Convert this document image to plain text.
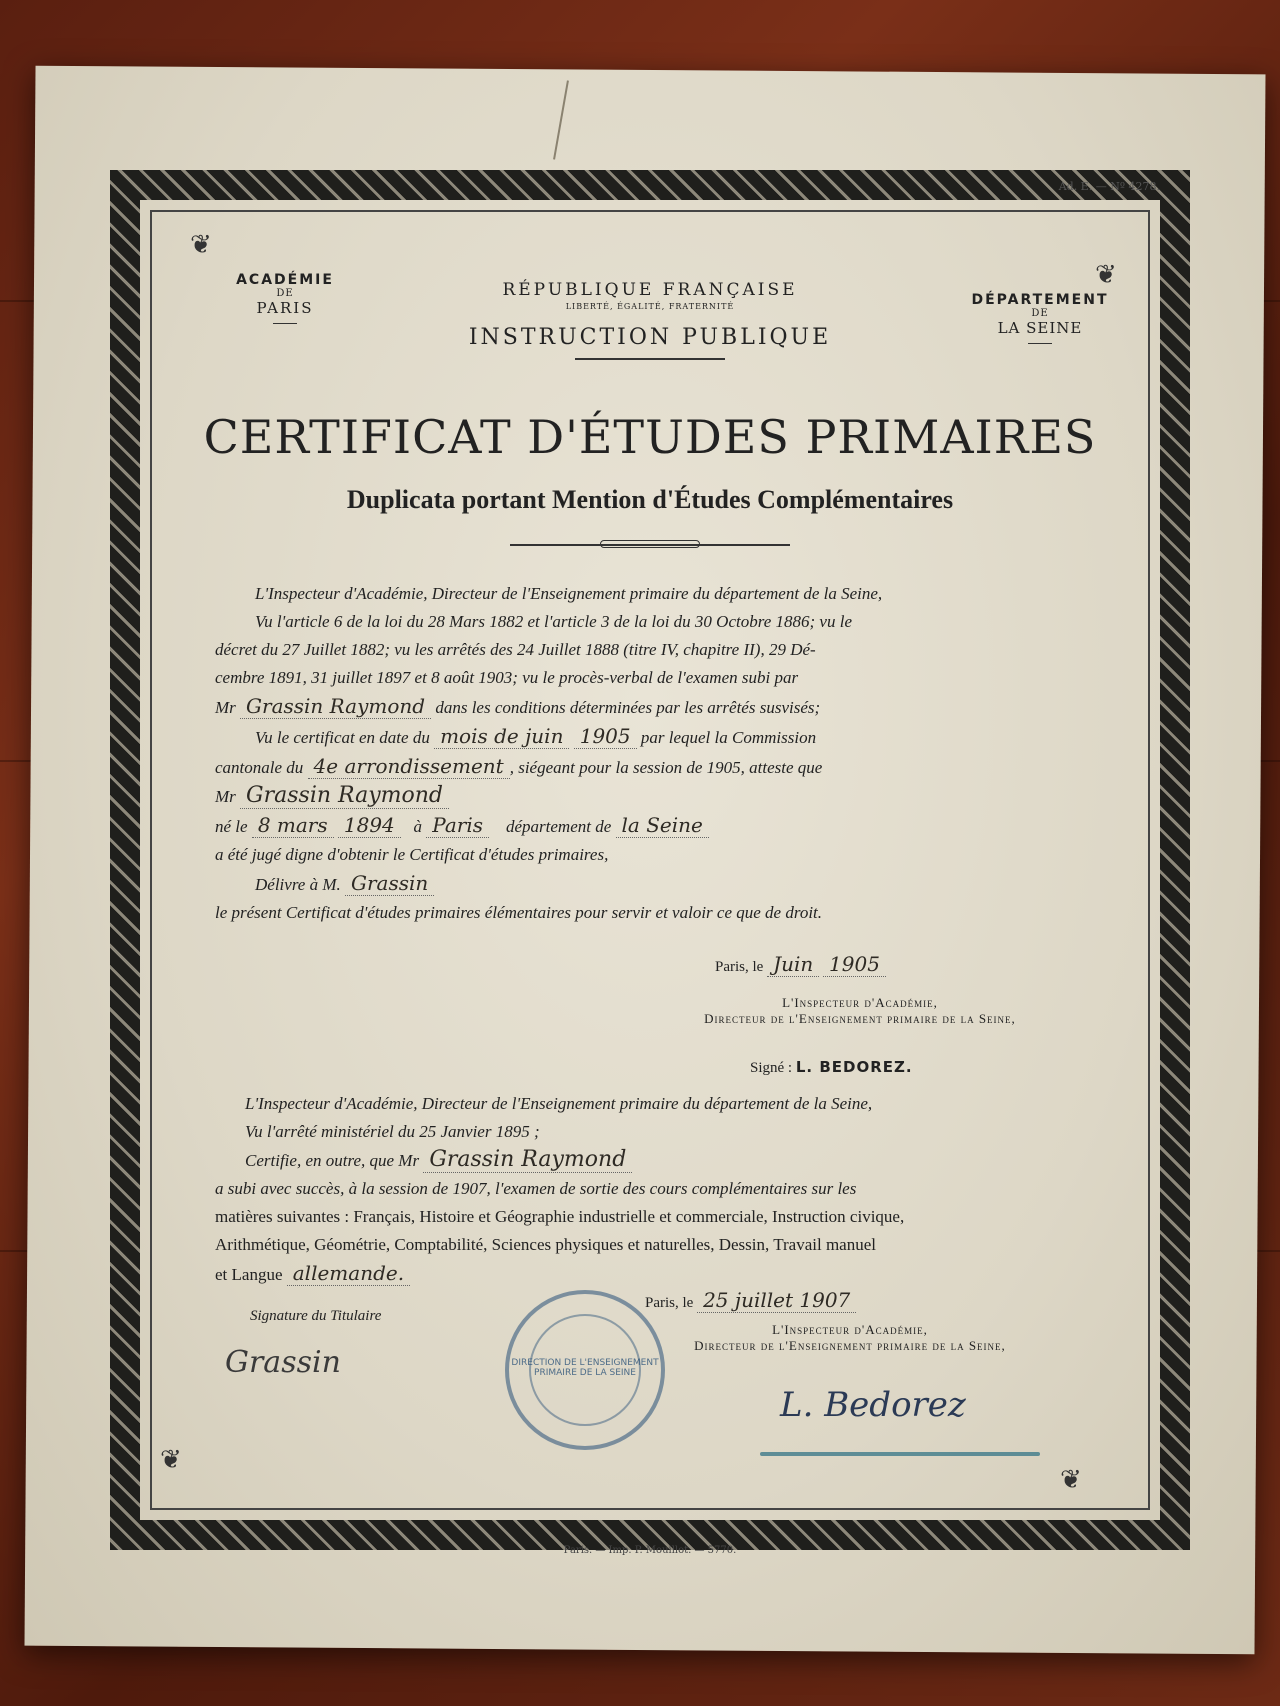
❦
❦
❦
❦
Ad. E. — Nº 4278.
ACADÉMIE
DE
PARIS
RÉPUBLIQUE FRANÇAISE
LIBERTÉ, ÉGALITÉ, FRATERNITÉ
INSTRUCTION PUBLIQUE
DÉPARTEMENT
DE
LA SEINE
CERTIFICAT D'ÉTUDES PRIMAIRES
Duplicata portant Mention d'Études Complémentaires
L'Inspecteur d'Académie, Directeur de l'Enseignement primaire du département de la Seine,
Vu l'article 6 de la loi du 28 Mars 1882 et l'article 3 de la loi du 30 Octobre 1886; vu le
décret du 27 Juillet 1882; vu les arrêtés des 24 Juillet 1888 (titre IV, chapitre II), 29 Dé-
cembre 1891, 31 juillet 1897 et 8 août 1903; vu le procès-verbal de l'examen subi par
Mr Grassin Raymond dans les conditions déterminées par les arrêtés susvisés;
Vu le certificat en date du mois de juin 1905 par lequel la Commission
cantonale du 4e arrondissement , siégeant pour la session de 1905, atteste que
Mr Grassin Raymond
né le 8 mars 1894 à Paris département de la Seine
a été jugé digne d'obtenir le Certificat d'études primaires,
Délivre à M. Grassin
le présent Certificat d'études primaires élémentaires pour servir et valoir ce que de droit.
Paris, le Juin 1905
L'Inspecteur d'Académie,
Directeur de l'Enseignement primaire de la Seine,
Signé : L. BEDOREZ.
L'Inspecteur d'Académie, Directeur de l'Enseignement primaire du département de la Seine,
Vu l'arrêté ministériel du 25 Janvier 1895 ;
Certifie, en outre, que Mr Grassin Raymond
a subi avec succès, à la session de 1907, l'examen de sortie des cours complémentaires sur les
matières suivantes : Français, Histoire et Géographie industrielle et commerciale, Instruction civique,
Arithmétique, Géométrie, Comptabilité, Sciences physiques et naturelles, Dessin, Travail manuel
et Langue allemande.
Signature du Titulaire
Grassin	DIRECTION DE L'ENSEIGNEMENT PRIMAIRE DE LA SEINE
Paris, le 25 juillet 1907
L'Inspecteur d'Académie,
Directeur de l'Enseignement primaire de la Seine,
L. Bedorez
Paris. — Imp. P. Mouillot. — 5770.
